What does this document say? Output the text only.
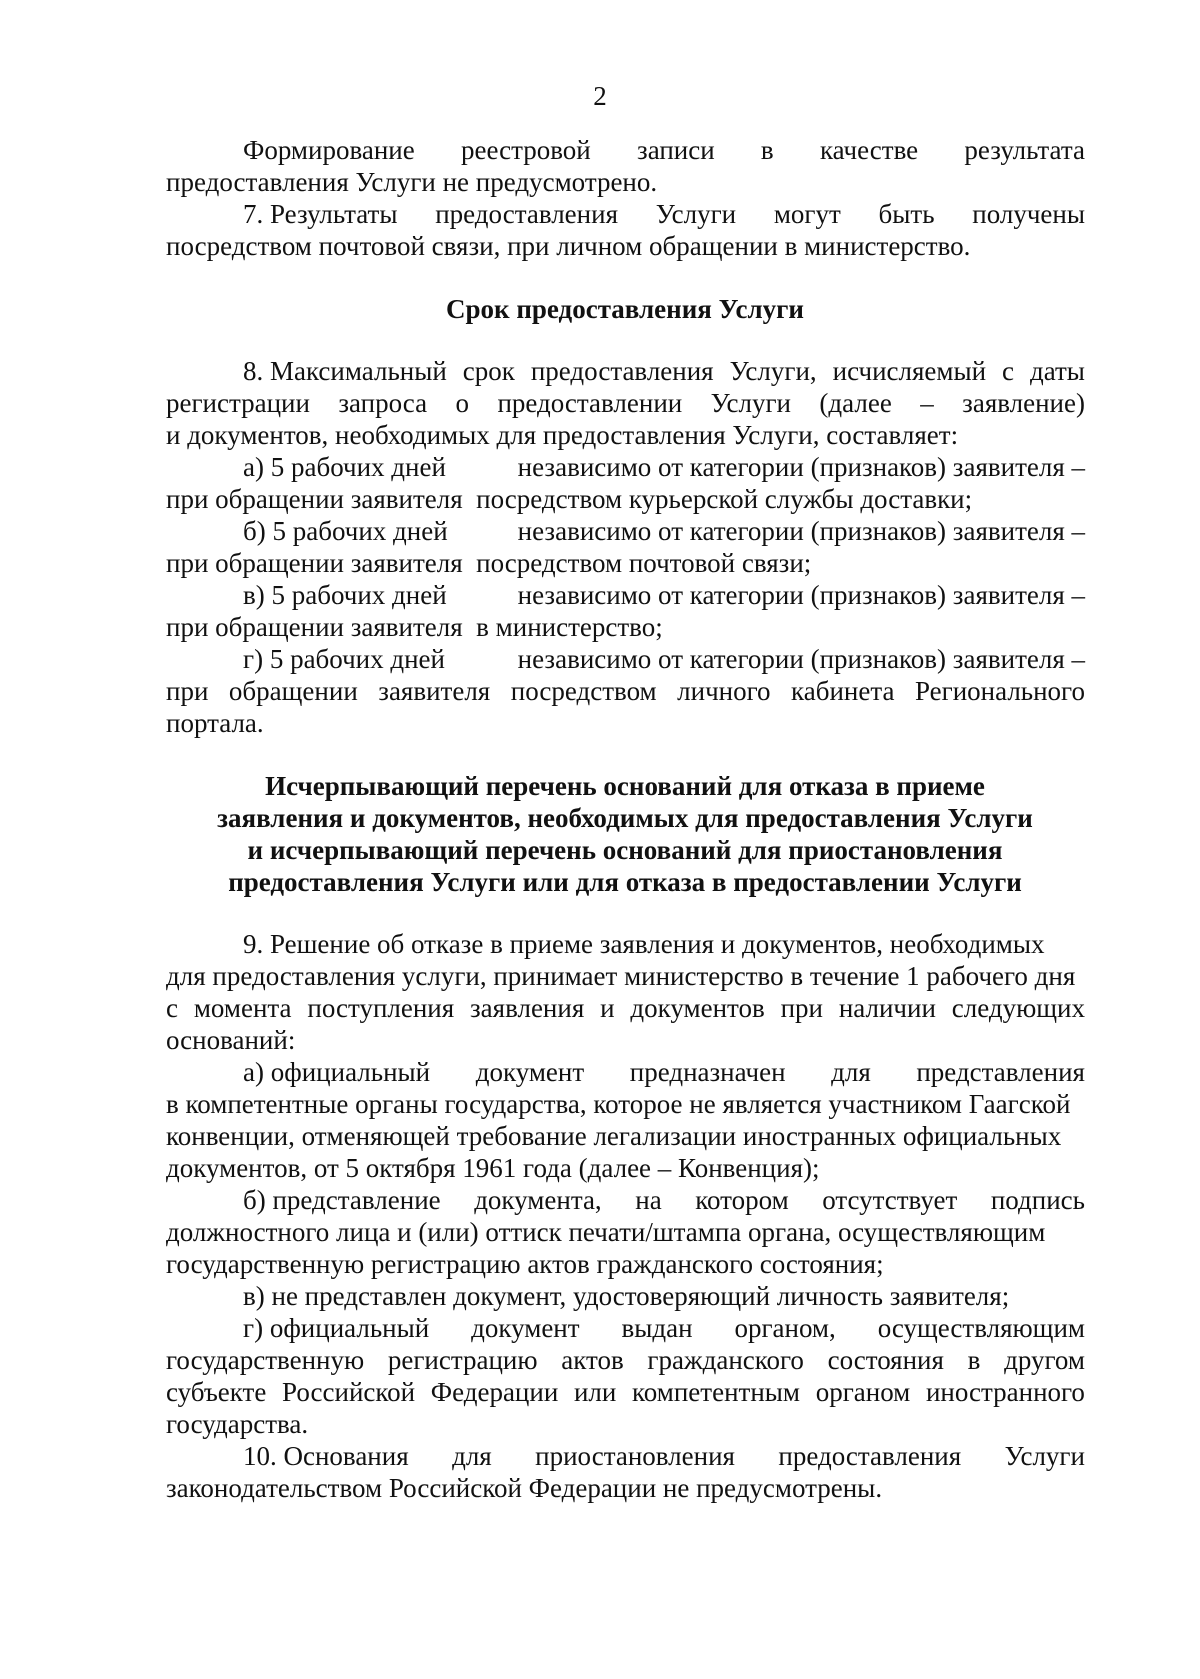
2
Формирование реестровой записи в качестве результата
предоставления Услуги не предусмотрено.
7. Результаты предоставления Услуги могут быть получены
посредством почтовой связи, при личном обращении в министерство.
Срок предоставления Услуги
8. Максимальный срок предоставления Услуги, исчисляемый с даты
регистрации запроса о предоставлении Услуги (далее – заявление)
и документов, необходимых для предоставления Услуги, составляет:
а) 5 рабочих дней	независимо от категории (признаков) заявителя –
при обращении заявителя  посредством курьерской службы доставки;
б) 5 рабочих дней	независимо от категории (признаков) заявителя –
при обращении заявителя  посредством почтовой связи;
в) 5 рабочих дней	независимо от категории (признаков) заявителя –
при обращении заявителя  в министерство;
г) 5 рабочих дней	независимо от категории (признаков) заявителя –
при обращении заявителя посредством личного кабинета Регионального
портала.
Исчерпывающий перечень оснований для отказа в приеме
заявления и документов, необходимых для предоставления Услуги
и исчерпывающий перечень оснований для приостановления
предоставления Услуги или для отказа в предоставлении Услуги
9. Решение об отказе в приеме заявления и документов, необходимых
для предоставления услуги, принимает министерство в течение 1 рабочего дня
с момента поступления заявления и документов при наличии следующих
оснований:
а) официальный документ предназначен для представления
в компетентные органы государства, которое не является участником Гаагской
конвенции, отменяющей требование легализации иностранных официальных
документов, от 5 октября 1961 года (далее – Конвенция);
б) представление документа, на котором отсутствует подпись
должностного лица и (или) оттиск печати/штампа органа, осуществляющим
государственную регистрацию актов гражданского состояния;
в) не представлен документ, удостоверяющий личность заявителя;
г) официальный документ выдан органом, осуществляющим
государственную регистрацию актов гражданского состояния в другом
субъекте Российской Федерации или компетентным органом иностранного
государства.
10. Основания для приостановления предоставления Услуги
законодательством Российской Федерации не предусмотрены.
